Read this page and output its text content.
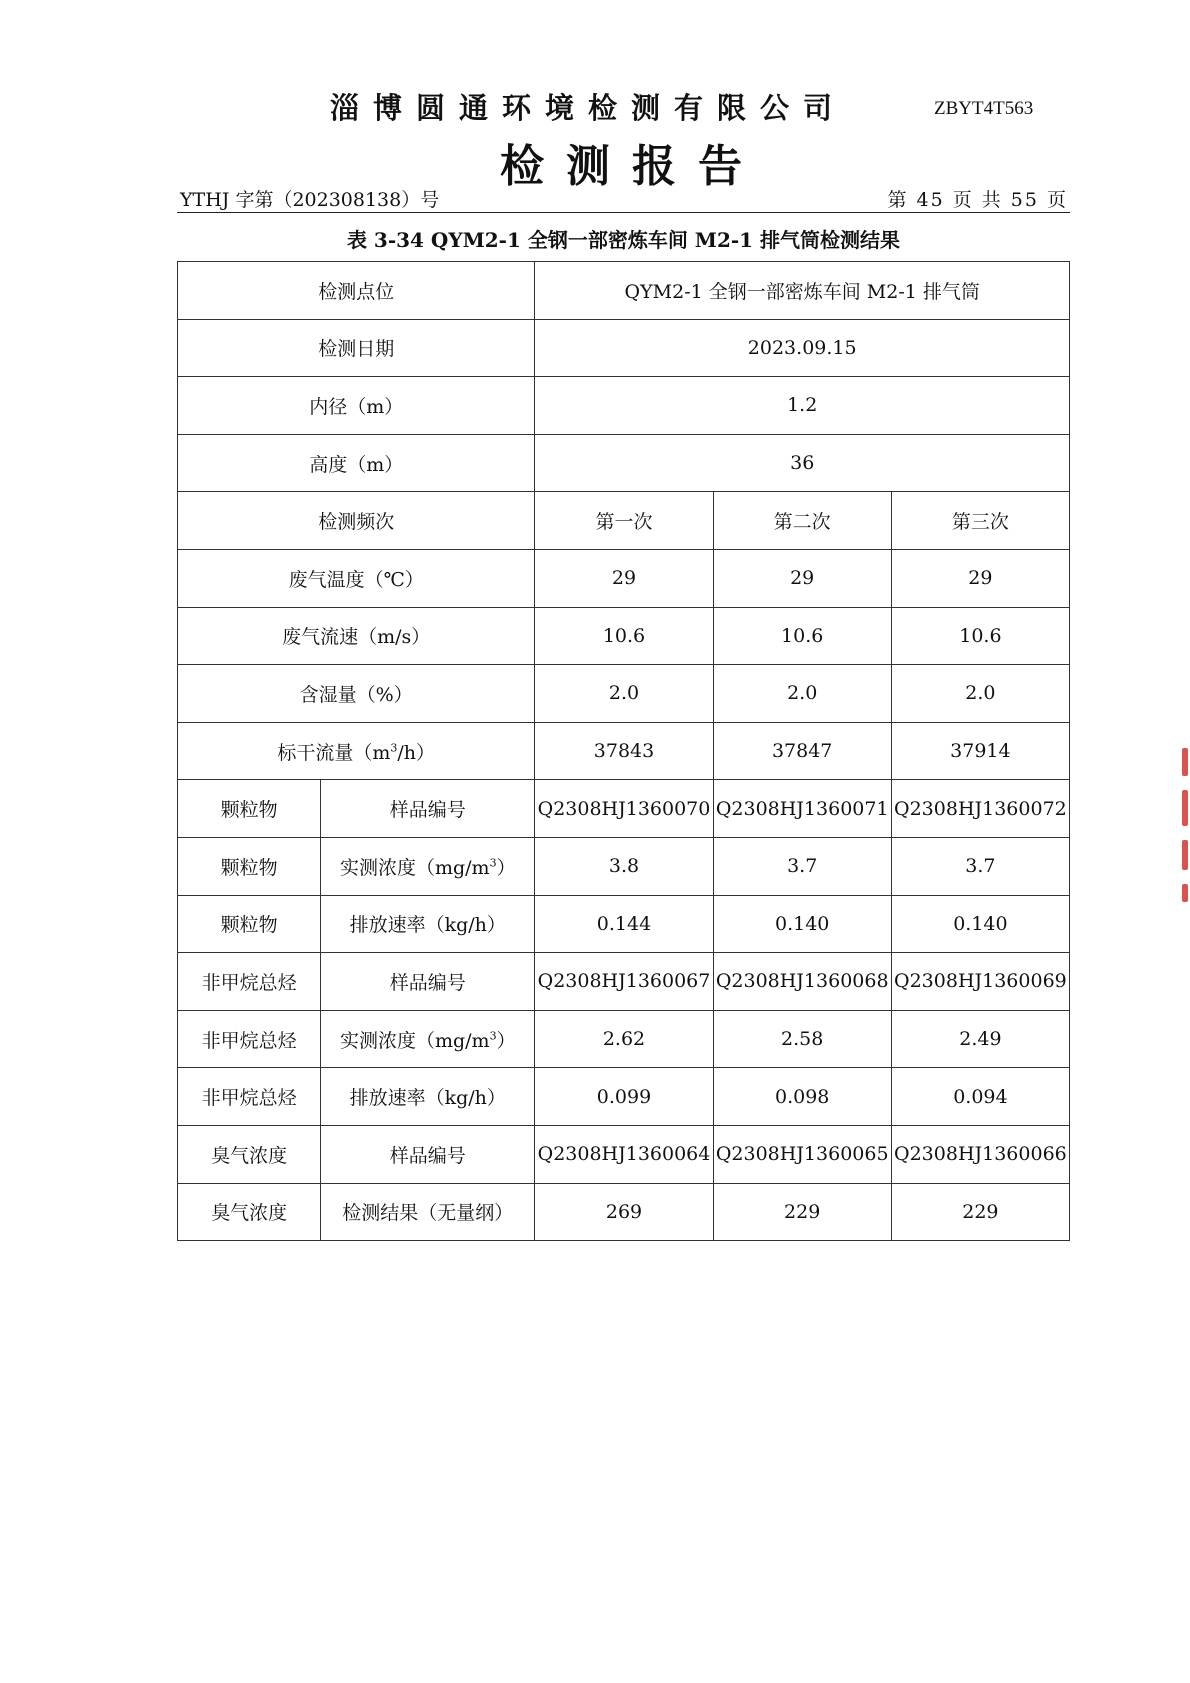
淄博圆通环境检测有限公司	ZBYT4T563
检测报告
YTHJ 字第（202308138）号	第 45 页 共 55 页
表 3-34 QYM2-1 全钢一部密炼车间 M2-1 排气筒检测结果
检测点位		QYM2-1 全钢一部密炼车间 M2-1 排气筒		
检测日期		2023.09.15		
内径（m）		1.2		
高度（m）		36		
检测频次		第一次	第二次	第三次
废气温度（℃）		29	29	29
废气流速（m/s）		10.6	10.6	10.6
含湿量（%）		2.0	2.0	2.0
标干流量$(m^3/h)$		37843	37847	37914
颗粒物	样品编号	Q2308HJ1360070	Q2308HJ1360071	Q2308HJ1360072
颗粒物	实测浓度$(mg/m^3)$	3.8	3.7	3.7
颗粒物	排放速率（kg/h）	0.144	0.140	0.140
非甲烷总烃	样品编号	Q2308HJ1360067	Q2308HJ1360068	Q2308HJ1360069
非甲烷总烃	实测浓度$(mg/m^3)$	2.62	2.58	2.49
非甲烷总烃	排放速率（kg/h）	0.099	0.098	0.094
臭气浓度	样品编号	Q2308HJ1360064	Q2308HJ1360065	Q2308HJ1360066
臭气浓度	检测结果（无量纲）	269	229	229
